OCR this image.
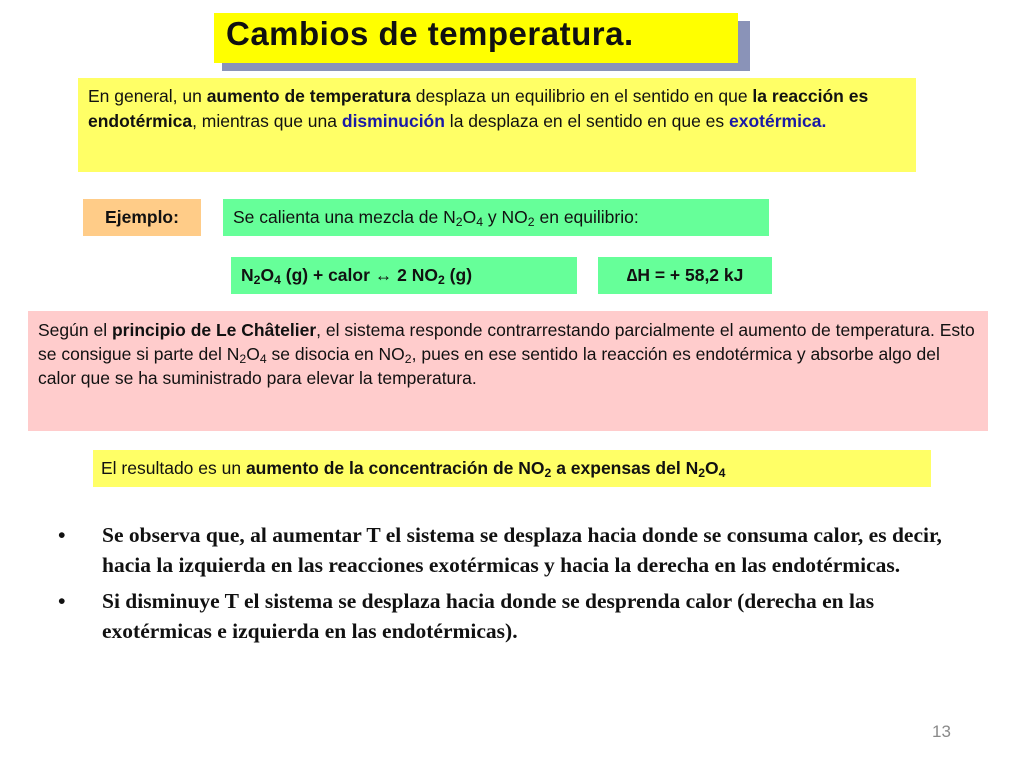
Cambios de temperatura.
En general, un aumento de temperatura desplaza un equilibrio en el sentido en que la reacción es endotérmica, mientras que una disminución la desplaza en el sentido en que es exotérmica.
Ejemplo:	Se calienta una mezcla de $N_2O_4$ y $NO_2$ en equilibrio:
$N_2O_4$ (g) + calor ↔ 2 $NO_2$ (g)	∆H = + 58,2 kJ
Según el principio de Le Châtelier, el sistema responde contrarrestando parcialmente el aumento de temperatura. Esto se consigue si parte del $N_2O_4$ se disocia en $NO_2$, pues en ese sentido la reacción es endotérmica y absorbe algo del calor que se ha suministrado para elevar la temperatura.
El resultado es un aumento de la concentración de $NO_2$ a expensas del $N_2O_4$
• Se observa que, al aumentar T el sistema se desplaza hacia donde se consuma calor, es decir, hacia la izquierda en las reacciones exotérmicas y hacia la derecha en las endotérmicas.
• Si disminuye T el sistema se desplaza hacia donde se desprenda calor (derecha en las exotérmicas e izquierda en las endotérmicas).
13
